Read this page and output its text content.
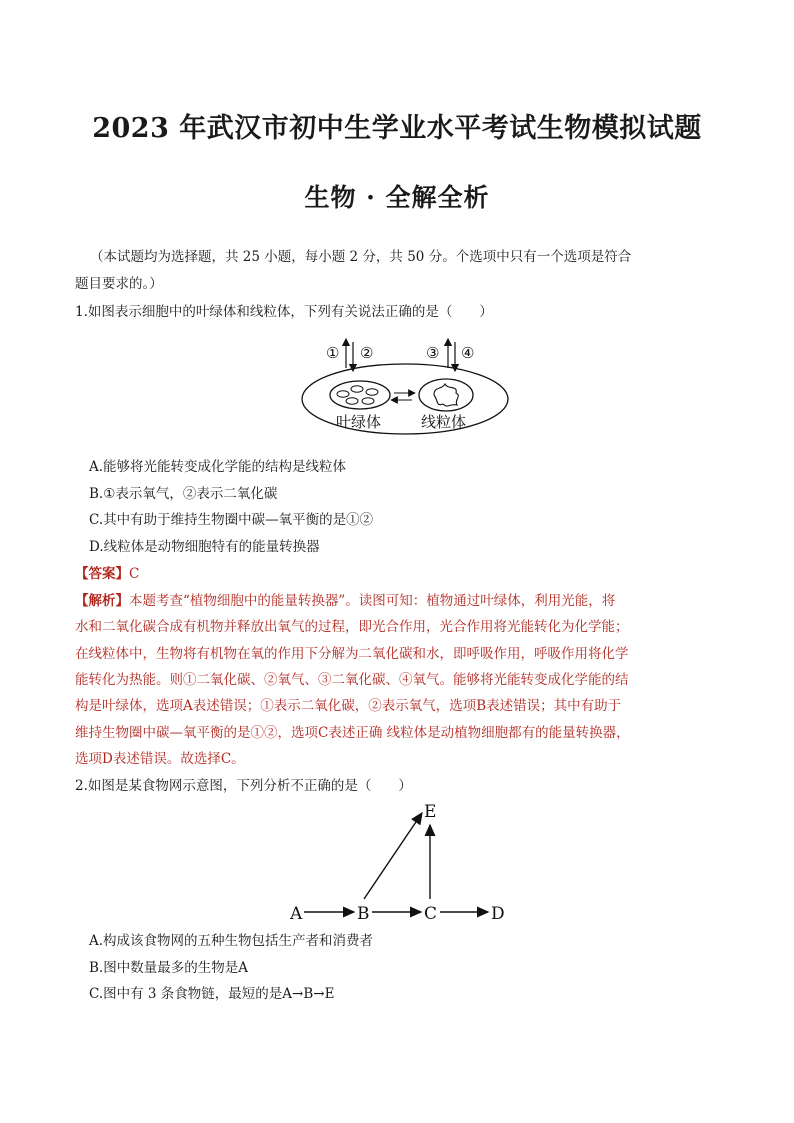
2023 年武汉市初中生学业水平考试生物模拟试题
生物 · 全解全析
（本试题均为选择题，共 25 小题，每小题 2 分，共 50 分。个选项中只有一个选项是符合
题目要求的。）
1.如图表示细胞中的叶绿体和线粒体，下列有关说法正确的是（　　）
① ②	③ ④
叶绿体	线粒体
A.能够将光能转变成化学能的结构是线粒体
B.①表示氧气，②表示二氧化碳
C.其中有助于维持生物圈中碳—氧平衡的是①②
D.线粒体是动物细胞特有的能量转换器
【答案】C
【解析】本题考查“植物细胞中的能量转换器”。读图可知：植物通过叶绿体，利用光能，将
水和二氧化碳合成有机物并释放出氧气的过程，即光合作用，光合作用将光能转化为化学能；
在线粒体中，生物将有机物在氧的作用下分解为二氧化碳和水，即呼吸作用，呼吸作用将化学
能转化为热能。则①二氧化碳、②氧气、③二氧化碳、④氧气。能够将光能转变成化学能的结
构是叶绿体，选项A表述错误；①表示二氧化碳，②表示氧气，选项B表述错误；其中有助于
维持生物圈中碳—氧平衡的是①②，选项C表述正确 线粒体是动植物细胞都有的能量转换器，
选项D表述错误。故选择C。
2.如图是某食物网示意图，下列分析不正确的是（　　）
A	B	C	D
E
A.构成该食物网的五种生物包括生产者和消费者
B.图中数量最多的生物是A
C.图中有 3 条食物链，最短的是A→B→E
